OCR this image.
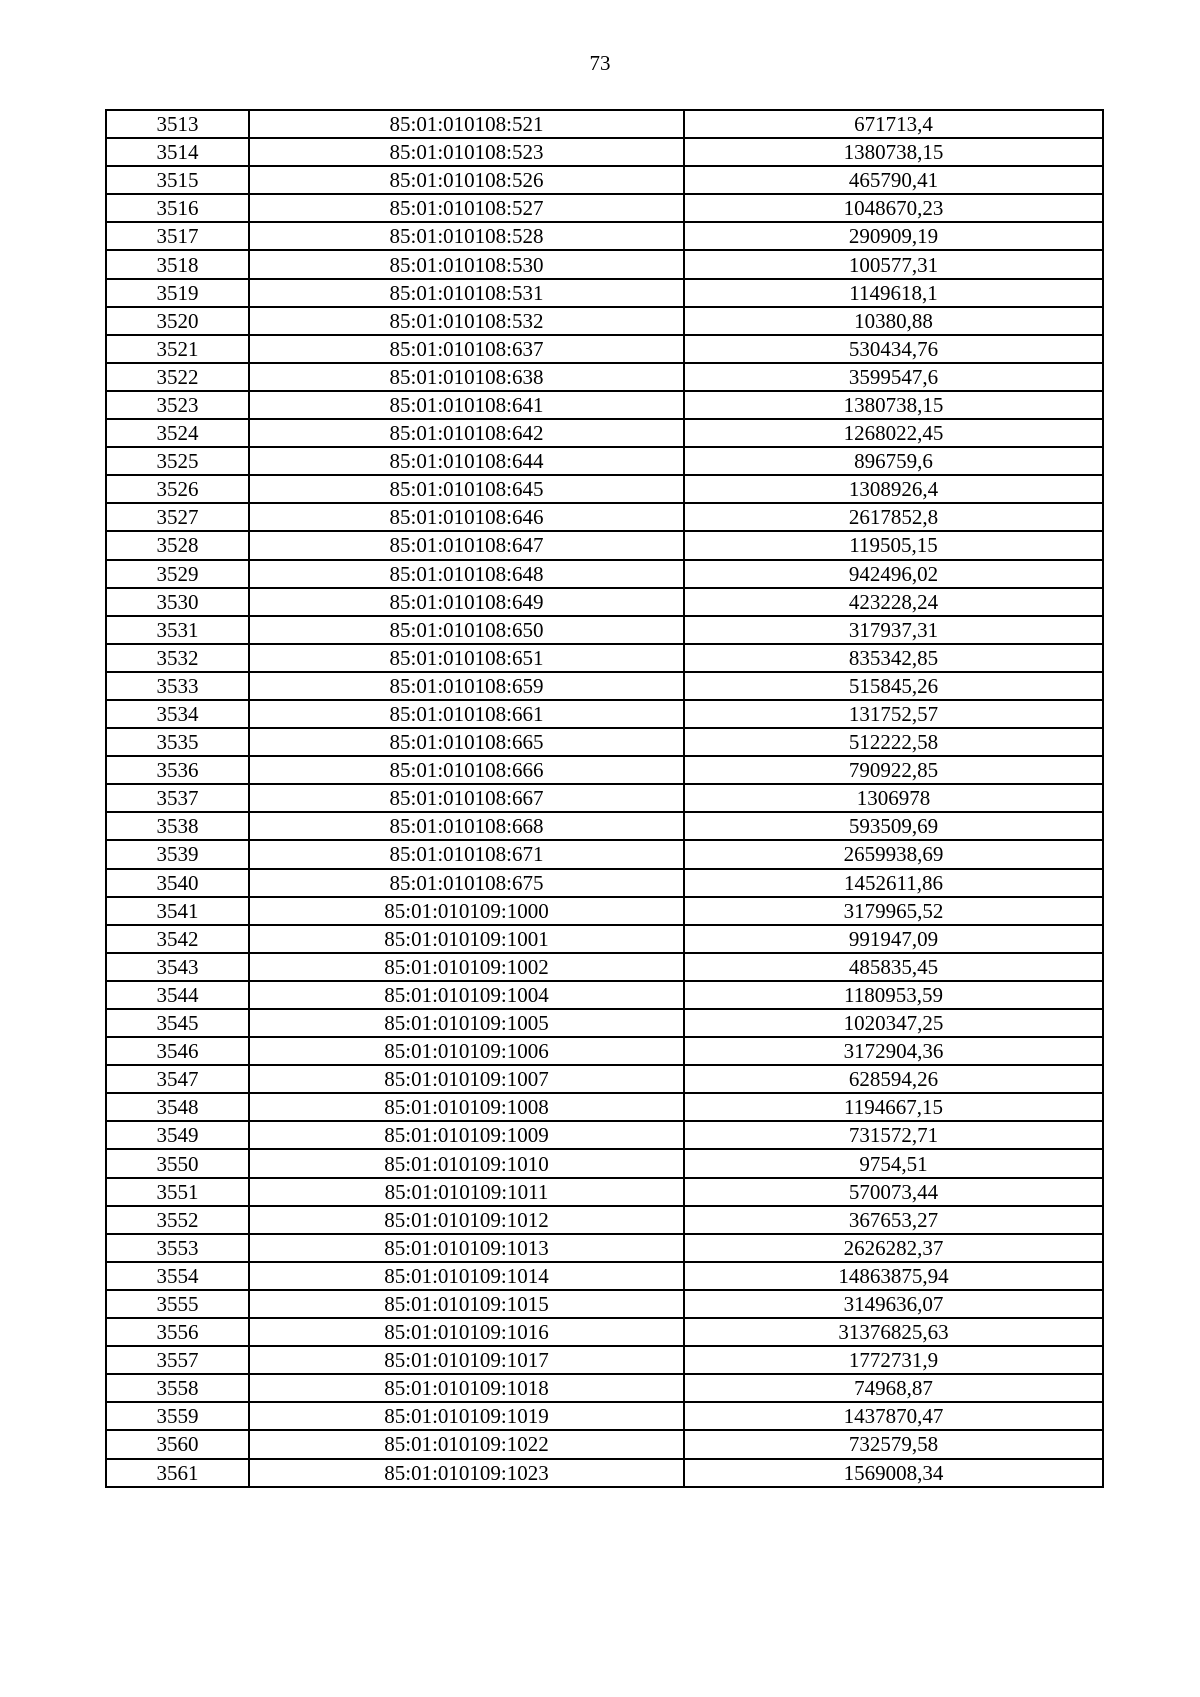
73
3513	85:01:010108:521	671713,4
3514	85:01:010108:523	1380738,15
3515	85:01:010108:526	465790,41
3516	85:01:010108:527	1048670,23
3517	85:01:010108:528	290909,19
3518	85:01:010108:530	100577,31
3519	85:01:010108:531	1149618,1
3520	85:01:010108:532	10380,88
3521	85:01:010108:637	530434,76
3522	85:01:010108:638	3599547,6
3523	85:01:010108:641	1380738,15
3524	85:01:010108:642	1268022,45
3525	85:01:010108:644	896759,6
3526	85:01:010108:645	1308926,4
3527	85:01:010108:646	2617852,8
3528	85:01:010108:647	119505,15
3529	85:01:010108:648	942496,02
3530	85:01:010108:649	423228,24
3531	85:01:010108:650	317937,31
3532	85:01:010108:651	835342,85
3533	85:01:010108:659	515845,26
3534	85:01:010108:661	131752,57
3535	85:01:010108:665	512222,58
3536	85:01:010108:666	790922,85
3537	85:01:010108:667	1306978
3538	85:01:010108:668	593509,69
3539	85:01:010108:671	2659938,69
3540	85:01:010108:675	1452611,86
3541	85:01:010109:1000	3179965,52
3542	85:01:010109:1001	991947,09
3543	85:01:010109:1002	485835,45
3544	85:01:010109:1004	1180953,59
3545	85:01:010109:1005	1020347,25
3546	85:01:010109:1006	3172904,36
3547	85:01:010109:1007	628594,26
3548	85:01:010109:1008	1194667,15
3549	85:01:010109:1009	731572,71
3550	85:01:010109:1010	9754,51
3551	85:01:010109:1011	570073,44
3552	85:01:010109:1012	367653,27
3553	85:01:010109:1013	2626282,37
3554	85:01:010109:1014	14863875,94
3555	85:01:010109:1015	3149636,07
3556	85:01:010109:1016	31376825,63
3557	85:01:010109:1017	1772731,9
3558	85:01:010109:1018	74968,87
3559	85:01:010109:1019	1437870,47
3560	85:01:010109:1022	732579,58
3561	85:01:010109:1023	1569008,34
